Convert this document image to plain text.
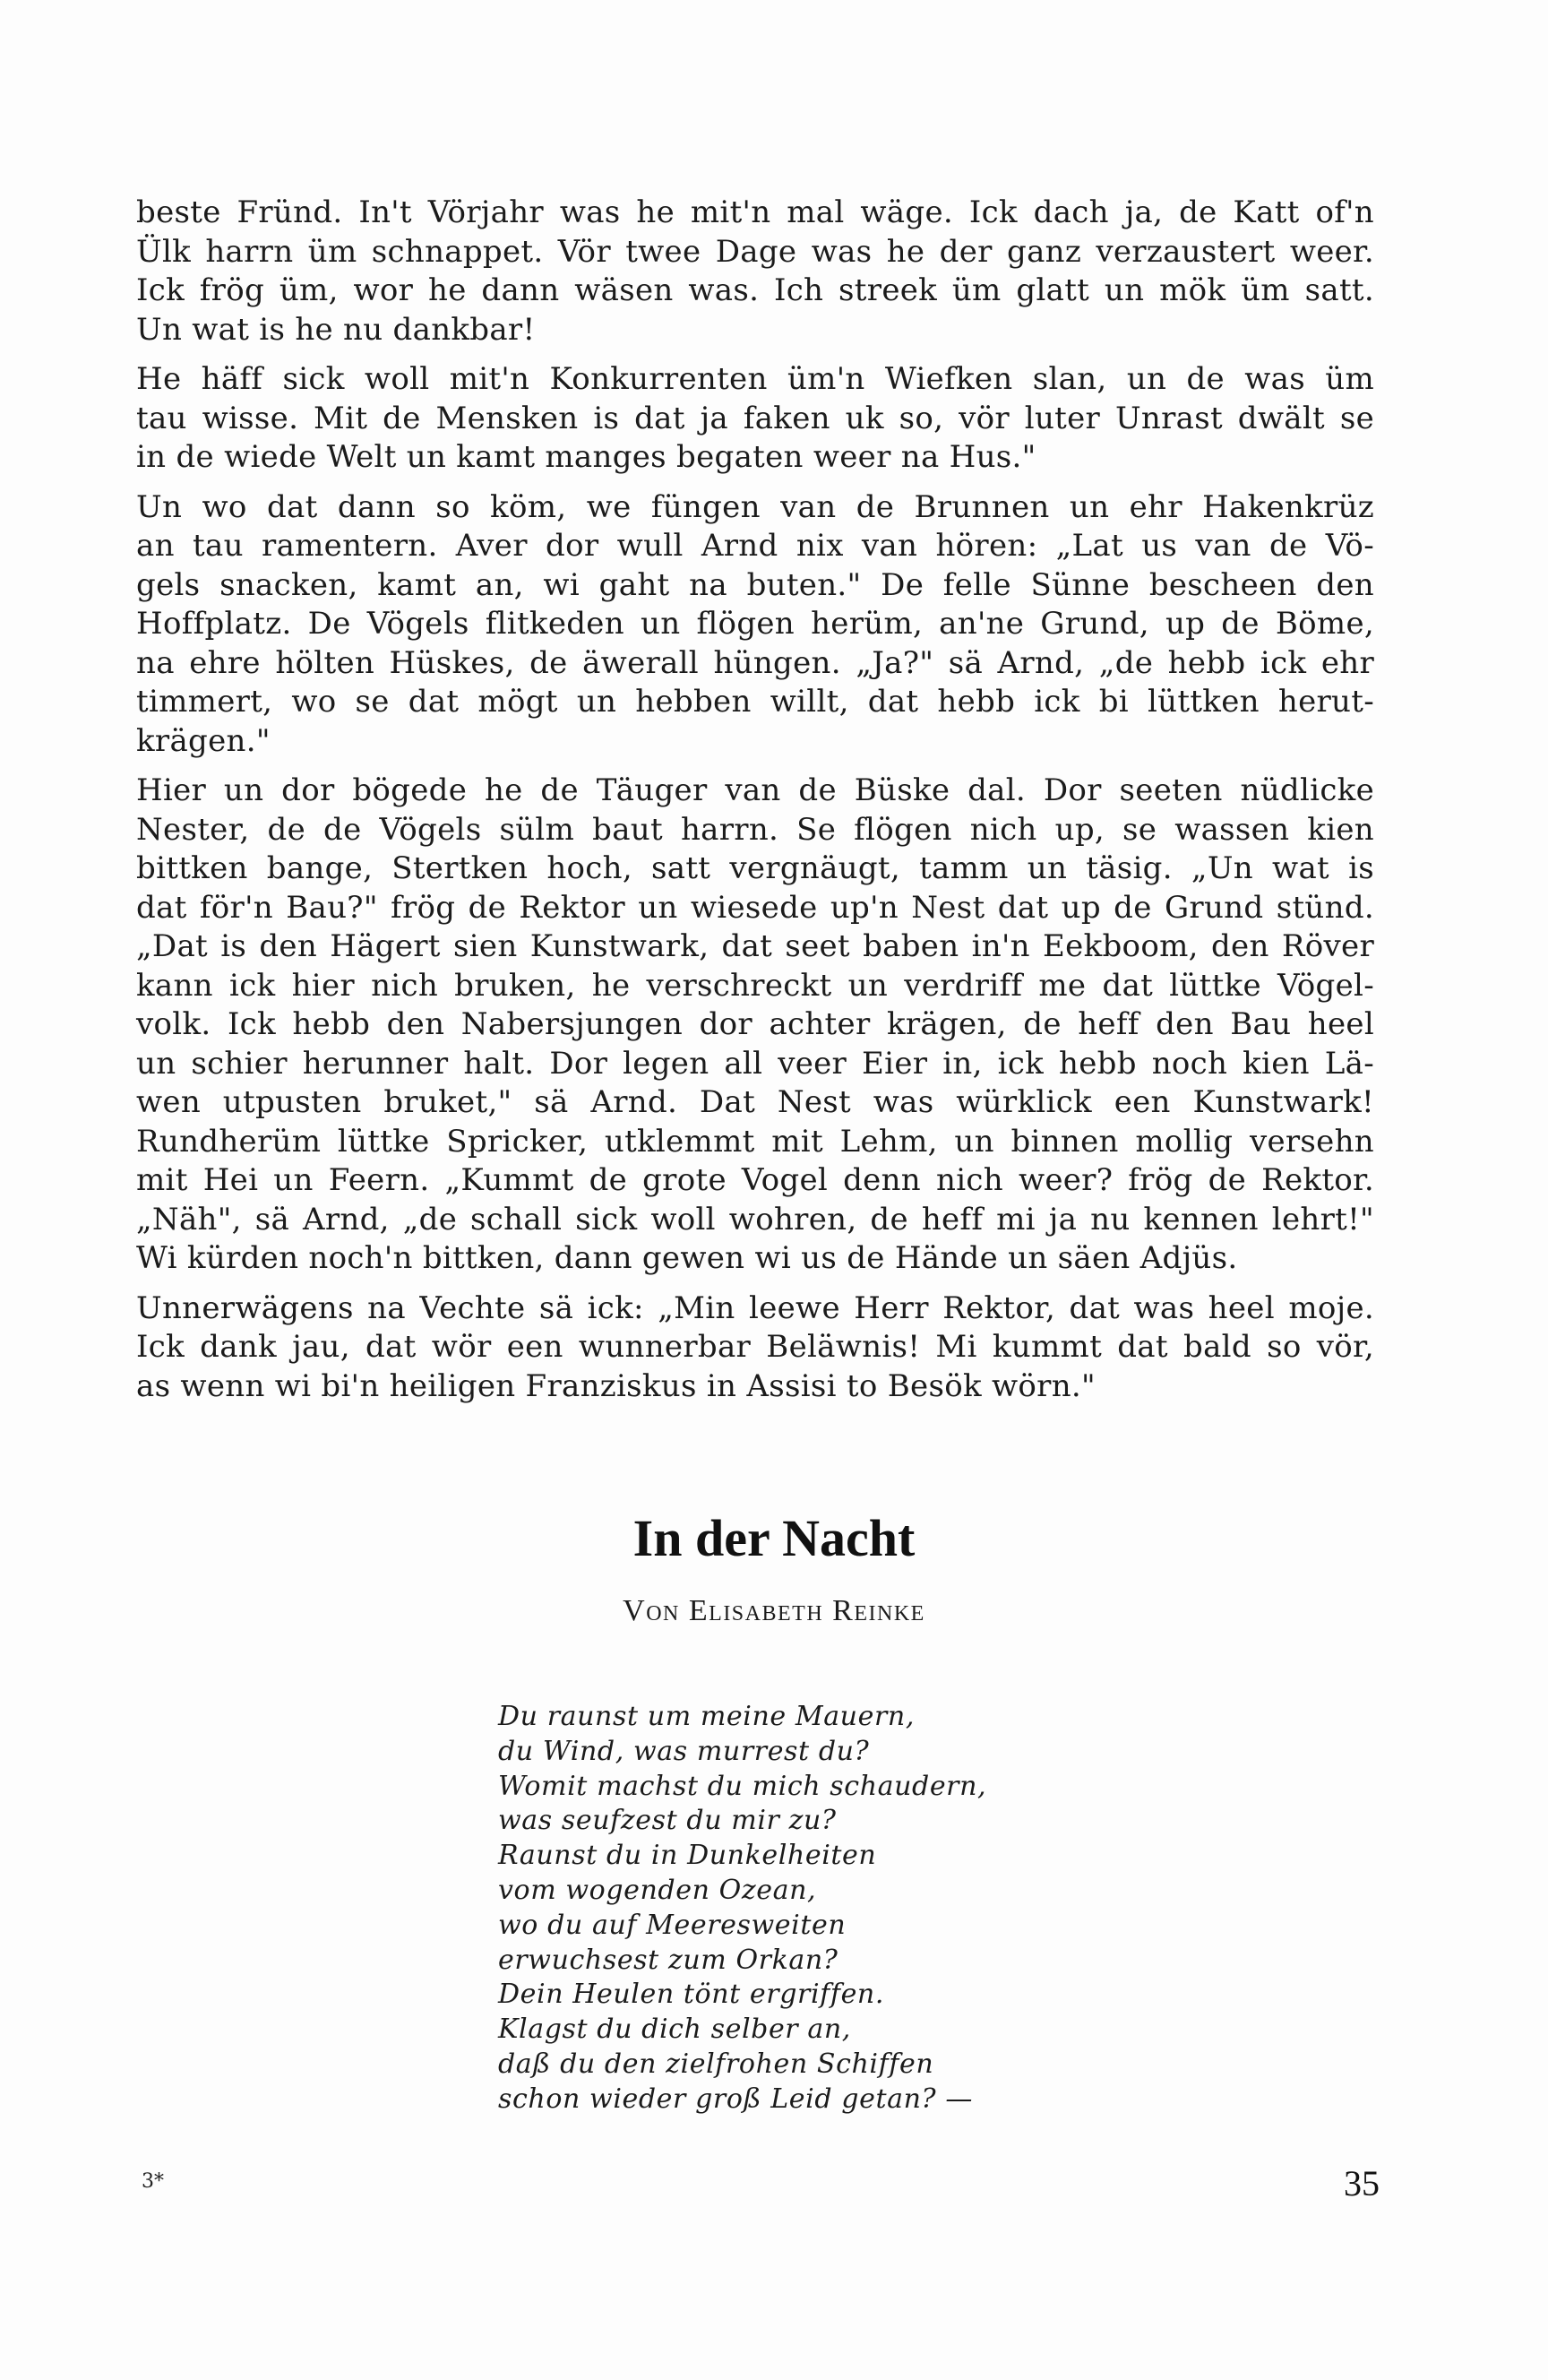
beste Fründ. In't Vörjahr was he mit'n mal wäge. Ick dach ja, de Katt of'n
Ülk harrn üm schnappet. Vör twee Dage was he der ganz verzaustert weer.
Ick frög üm, wor he dann wäsen was. Ich streek üm glatt un mök üm satt.
Un wat is he nu dankbar!

He häff sick woll mit'n Konkurrenten üm'n Wiefken slan, un de was üm
tau wisse. Mit de Mensken is dat ja faken uk so, vör luter Unrast dwält se
in de wiede Welt un kamt manges begaten weer na Hus."

Un wo dat dann so köm, we füngen van de Brunnen un ehr Hakenkrüz
an tau ramentern. Aver dor wull Arnd nix van hören: „Lat us van de Vö-
gels snacken, kamt an, wi gaht na buten." De felle Sünne beschеen den
Hoffplatz. De Vögels flitkeden un flögen herüm, an'ne Grund, up de Böme,
na ehre hölten Hüskes, de äwerall hüngen. „Ja?" sä Arnd, „de hebb ick ehr
timmert, wo se dat mögt un hebben willt, dat hebb ick bi lüttken herut-
krägen."

Hier un dor bögede he de Täuger van de Büske dal. Dor seeten nüdlicke
Nester, de de Vögels sülm baut harrn. Se flögen nich up, se wassen kien
bittken bange, Stertken hoch, satt vergnäugt, tamm un täsig. „Un wat is
dat för'n Bau?" frög de Rektor un wiesede up'n Nest dat up de Grund stünd.
„Dat is den Hägert sien Kunstwark, dat seet baben in'n Eekboom, den Röver
kann ick hier nich bruken, he verschreckt un verdriff me dat lüttke Vögel-
volk. Ick hebb den Nabersjungen dor achter krägen, de heff den Bau heel
un schier herunner halt. Dor legen all veer Eier in, ick hebb noch kien Lä-
wen utpusten bruket," sä Arnd. Dat Nest was würklick een Kunstwark!
Rundherüm lüttke Spricker, utklemmt mit Lehm, un binnen mollig versehn
mit Hei un Feern. „Kummt de grote Vogel denn nich weer? frög de Rektor.
„Näh", sä Arnd, „de schall sick woll wohren, de heff mi ja nu kennen lehrt!"
Wi kürden noch'n bittken, dann gewen wi us de Hände un säen Adjüs.

Unnerwägens na Vechte sä ick: „Min leewe Herr Rektor, dat was heel moje.
Ick dank jau, dat wör een wunnerbar Beläwnis! Mi kummt dat bald so vör,
as wenn wi bi'n heiligen Franziskus in Assisi to Besök wörn."

In der Nacht
Von Elisabeth Reinke
Du raunst um meine Mauern,
du Wind, was murrest du?
Womit machst du mich schaudern,
was seufzest du mir zu?
Raunst du in Dunkelheiten
vom wogenden Ozean,
wo du auf Meeresweiten
erwuchsest zum Orkan?
Dein Heulen tönt ergriffen.
Klagst du dich selber an,
daß du den zielfrohen Schiffen
schon wieder groß Leid getan? —
3*	35
